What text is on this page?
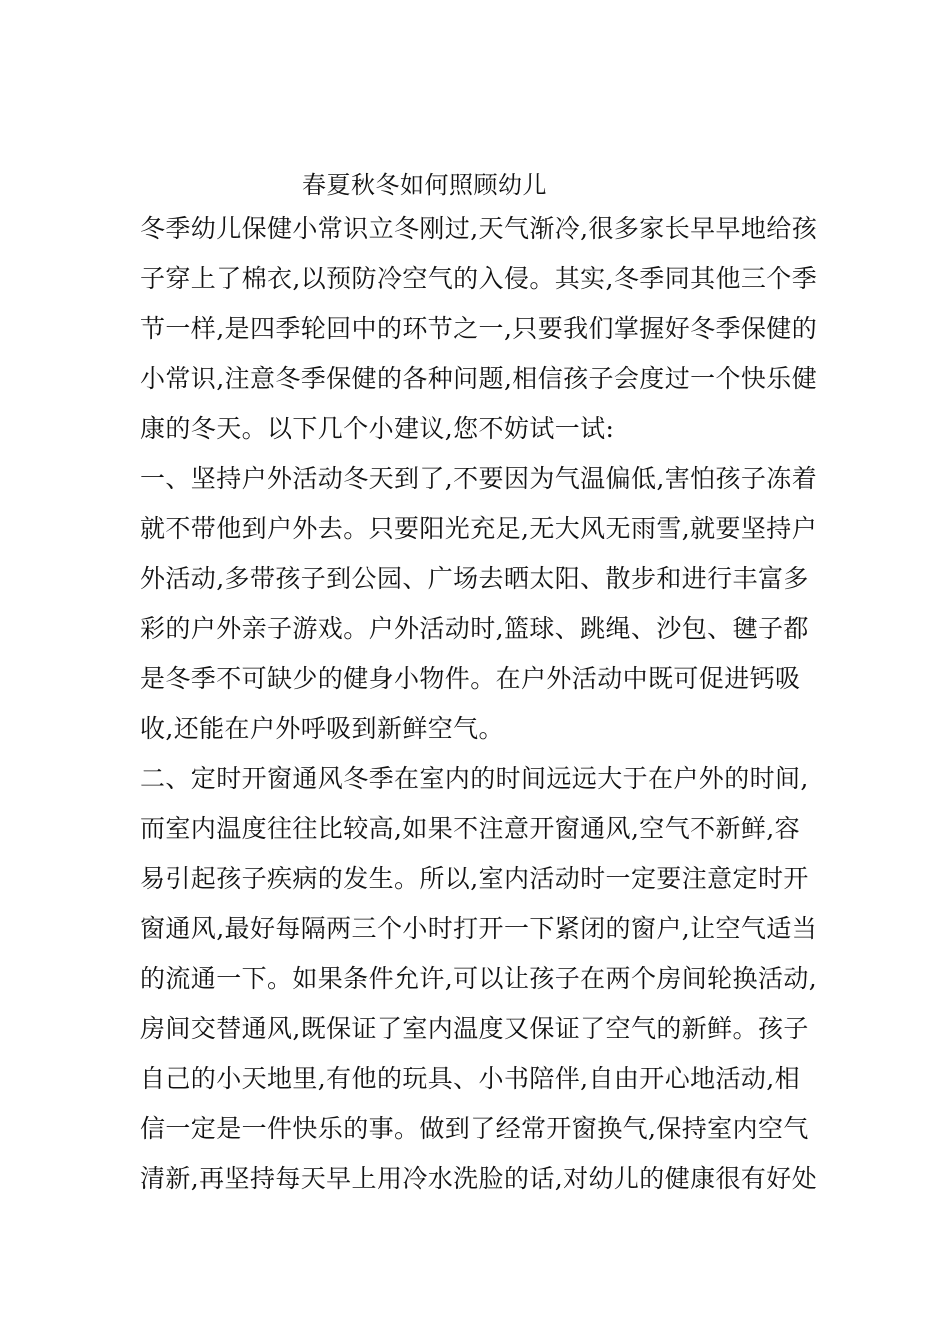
春夏秋冬如何照顾幼儿
冬季幼儿保健小常识立冬刚过,天气渐冷,很多家长早早地给孩
子穿上了棉衣,以预防冷空气的入侵。其实,冬季同其他三个季
节一样,是四季轮回中的环节之一,只要我们掌握好冬季保健的
小常识,注意冬季保健的各种问题,相信孩子会度过一个快乐健
康的冬天。以下几个小建议,您不妨试一试:
一、坚持户外活动冬天到了,不要因为气温偏低,害怕孩子冻着
就不带他到户外去。只要阳光充足,无大风无雨雪,就要坚持户
外活动,多带孩子到公园、广场去晒太阳、散步和进行丰富多
彩的户外亲子游戏。户外活动时,篮球、跳绳、沙包、毽子都
是冬季不可缺少的健身小物件。在户外活动中既可促进钙吸
收,还能在户外呼吸到新鲜空气。
二、定时开窗通风冬季在室内的时间远远大于在户外的时间,
而室内温度往往比较高,如果不注意开窗通风,空气不新鲜,容
易引起孩子疾病的发生。所以,室内活动时一定要注意定时开
窗通风,最好每隔两三个小时打开一下紧闭的窗户,让空气适当
的流通一下。如果条件允许,可以让孩子在两个房间轮换活动,
房间交替通风,既保证了室内温度又保证了空气的新鲜。孩子
自己的小天地里,有他的玩具、小书陪伴,自由开心地活动,相
信一定是一件快乐的事。做到了经常开窗换气,保持室内空气
清新,再坚持每天早上用冷水洗脸的话,对幼儿的健康很有好处
